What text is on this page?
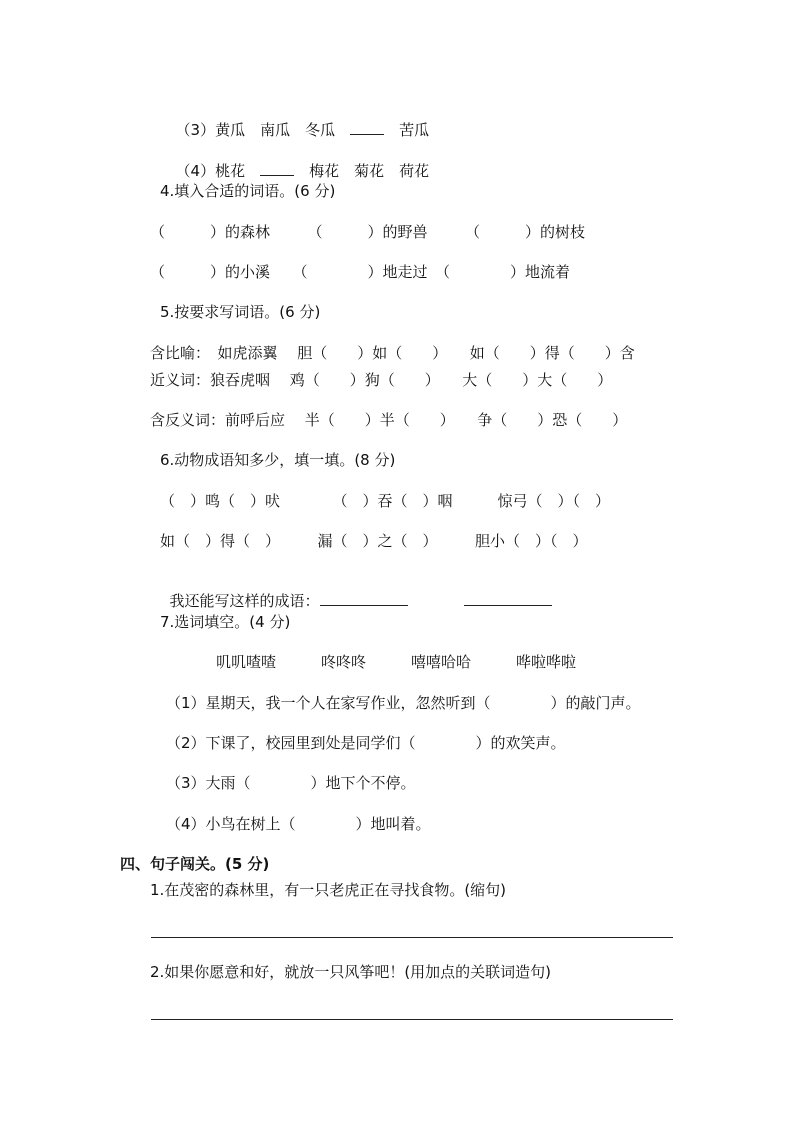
（3）黄瓜　南瓜　冬瓜　　苦瓜

（4）桃花　　梅花　菊花　荷花

4.填入合适的词语。(6 分)
（　　　）的森林　　　（　　　）的野兽　　　（　　　）的树枝
（　　　）的小溪　　（　　　　）地走过　（　　　　）地流着
5.按要求写词语。(6 分)
含比喻：　如虎添翼　 胆（　　）如（　　）　　如（　　）得（　　）含
近义词：狼吞虎咽　 鸡（　　）狗（　　）　　大（　　）大（　　）
含反义词：前呼后应　 半（　　）半（　　）　　争（　　）恐（　　）
6.动物成语知多少，填一填。(8 分)
（　）鸣（　）吠　　　　（　）吞（　）咽　　　惊弓（　）（　）
如（　）得（　）　　　漏（　）之（　）　　　胆小（　）（　）

我还能写这样的成语：

7.选词填空。(4 分)
叽叽喳喳　　　咚咚咚　　　嘻嘻哈哈　　　哗啦哗啦
（1）星期天，我一个人在家写作业，忽然听到（　　　　）的敲门声。
（2）下课了，校园里到处是同学们（　　　　）的欢笑声。
（3）大雨（　　　　）地下个不停。
（4）小鸟在树上（　　　　）地叫着。
四、句子闯关。(5 分)
1.在茂密的森林里，有一只老虎正在寻找食物。(缩句)
2.如果你愿意和好，就放一只风筝吧！(用加点的关联词造句)
